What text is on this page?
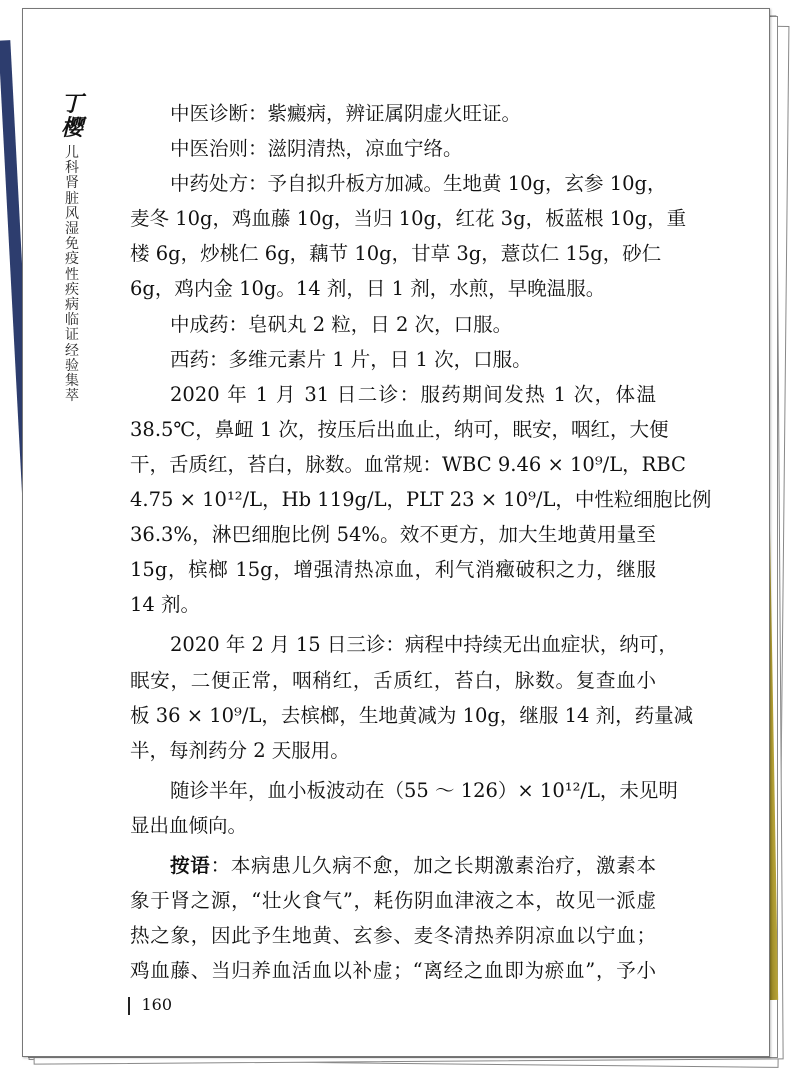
丁樱
儿科肾脏风湿免疫性疾病临证经验集萃
中医诊断：紫癜病，辨证属阴虚火旺证。
中医治则：滋阴清热，凉血宁络。
中药处方：予自拟升板方加减。生地黄 10g，玄参 10g，
麦冬 10g，鸡血藤 10g，当归 10g，红花 3g，板蓝根 10g，重
楼 6g，炒桃仁 6g，藕节 10g，甘草 3g，薏苡仁 15g，砂仁
6g，鸡内金 10g。14 剂，日 1 剂，水煎，早晚温服。
中成药：皂矾丸 2 粒，日 2 次，口服。
西药：多维元素片 1 片，日 1 次，口服。
2020 年 1 月 31 日二诊：服药期间发热 1 次，体温
38.5℃，鼻衄 1 次，按压后出血止，纳可，眠安，咽红，大便
干，舌质红，苔白，脉数。血常规：WBC 9.46 × 10⁹/L，RBC
4.75 × 10¹²/L，Hb 119g/L，PLT 23 × 10⁹/L，中性粒细胞比例
36.3%，淋巴细胞比例 54%。效不更方，加大生地黄用量至
15g，槟榔 15g，增强清热凉血，利气消癥破积之力，继服
14 剂。
2020 年 2 月 15 日三诊：病程中持续无出血症状，纳可，
眠安，二便正常，咽稍红，舌质红，苔白，脉数。复查血小
板 36 × 10⁹/L，去槟榔，生地黄减为 10g，继服 14 剂，药量减
半，每剂药分 2 天服用。
随诊半年，血小板波动在（55 ～ 126）× 10¹²/L，未见明
显出血倾向。
按语：本病患儿久病不愈，加之长期激素治疗，激素本
象于肾之源，“壮火食气”，耗伤阴血津液之本，故见一派虚
热之象，因此予生地黄、玄参、麦冬清热养阴凉血以宁血；
鸡血藤、当归养血活血以补虚；“离经之血即为瘀血”，予小
160
